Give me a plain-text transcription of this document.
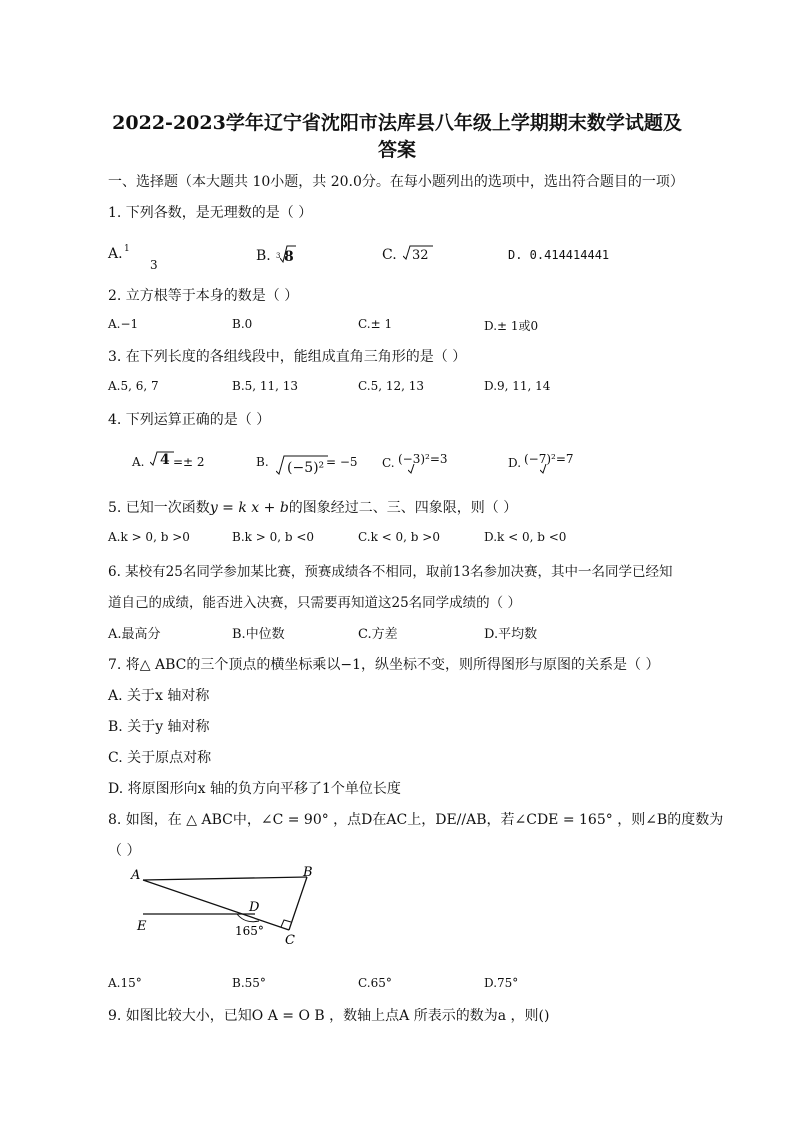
2022-2023学年辽宁省沈阳市法库县八年级上学期期末数学试题及
答案
一、选择题（本大题共 10小题，共 20.0分。在每小题列出的选项中，选出符合题目的一项）
1. 下列各数，是无理数的是（ ）
A. 1
3
B. 3 8	C. 32	D. 0.414414441
2. 立方根等于本身的数是（ ）
A.−1	B.0	C.± 1	D.± 1或0
3. 在下列长度的各组线段中，能组成直角三角形的是（ ）
A.5, 6, 7	B.5, 11, 13	C.5, 12, 13	D.9, 11, 14
4. 下列运算正确的是（ ）
A. 4 =± 2	B. (−5)² = −5 C. (−3)²=3	D. (−7)²=7
5. 已知一次函数y = k x + b的图象经过二、三、四象限，则（ ）
A.k > 0, b >0	B.k > 0, b <0	C.k < 0, b >0	D.k < 0, b <0
6. 某校有25名同学参加某比赛，预赛成绩各不相同，取前13名参加决赛，其中一名同学已经知
道自己的成绩，能否进入决赛，只需要再知道这25名同学成绩的（ ）
A.最高分	B.中位数	C.方差	D.平均数
7. 将△ ABC的三个顶点的横坐标乘以−1，纵坐标不变，则所得图形与原图的关系是（ ）
A. 关于x 轴对称
B. 关于y 轴对称
C. 关于原点对称
D. 将原图形向x 轴的负方向平移了1个单位长度
8. 如图，在 △ ABC中，∠C = 90° ，点D在AC上，DE//AB，若∠CDE = 165° ，则∠B的度数为
（ ）
A	B
C
D
E	165°
A.15°	B.55°	C.65°	D.75°
9. 如图比较大小，已知O A = O B ，数轴上点A 所表示的数为a ，则()
